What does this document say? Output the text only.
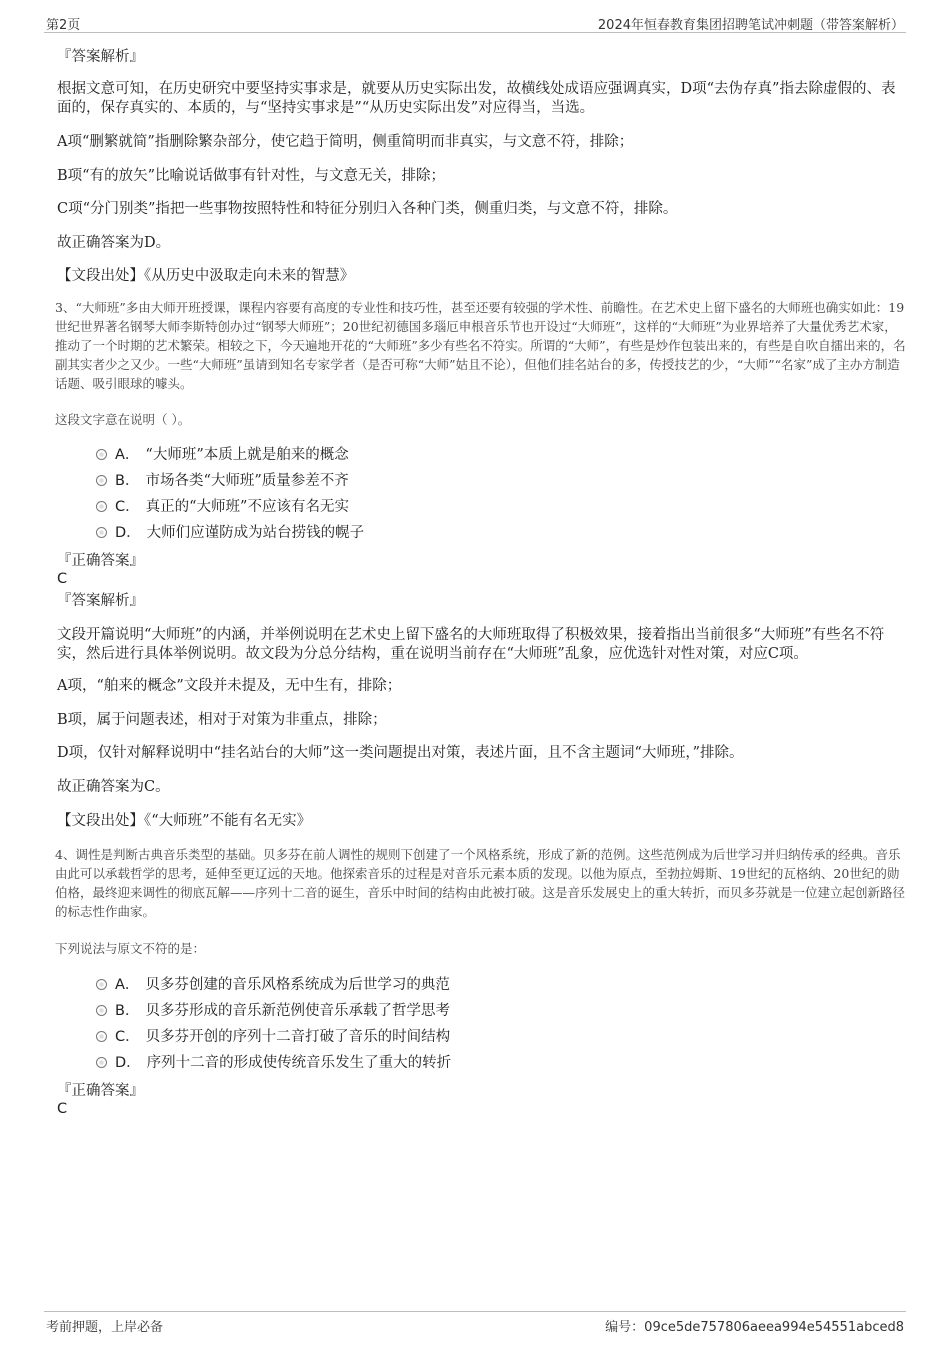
第2页	2024年恒春教育集团招聘笔试冲刺题（带答案解析）
『答案解析』
根据文意可知，在历史研究中要坚持实事求是，就要从历史实际出发，故横线处成语应强调真实，D项“去伪存真”指去除虚假的、表面的，保存真实的、本质的，与“坚持实事求是”“从历史实际出发”对应得当，当选。
A项“删繁就简”指删除繁杂部分，使它趋于简明，侧重简明而非真实，与文意不符，排除；
B项“有的放矢”比喻说话做事有针对性，与文意无关，排除；
C项“分门别类”指把一些事物按照特性和特征分别归入各种门类，侧重归类，与文意不符，排除。
故正确答案为D。
【文段出处】《从历史中汲取走向未来的智慧》
3、“大师班”多由大师开班授课，课程内容要有高度的专业性和技巧性，甚至还要有较强的学术性、前瞻性。在艺术史上留下盛名的大师班也确实如此：19世纪世界著名钢琴大师李斯特创办过“钢琴大师班”；20世纪初德国多瑙厄申根音乐节也开设过“大师班”，这样的“大师班”为业界培养了大量优秀艺术家，推动了一个时期的艺术繁荣。相较之下，今天遍地开花的“大师班”多少有些名不符实。所谓的“大师”，有些是炒作包装出来的，有些是自吹自擂出来的，名副其实者少之又少。一些“大师班”虽请到知名专家学者（是否可称“大师”姑且不论），但他们挂名站台的多，传授技艺的少，“大师”“名家”成了主办方制造话题、吸引眼球的噱头。
这段文字意在说明（ ）。
A． “大师班”本质上就是舶来的概念
B． 市场各类“大师班”质量参差不齐
C． 真正的“大师班”不应该有名无实
D． 大师们应谨防成为站台捞钱的幌子
『正确答案』
C
『答案解析』
文段开篇说明“大师班”的内涵，并举例说明在艺术史上留下盛名的大师班取得了积极效果，接着指出当前很多“大师班”有些名不符实，然后进行具体举例说明。故文段为分总分结构，重在说明当前存在“大师班”乱象，应优选针对性对策，对应C项。
A项，“舶来的概念”文段并未提及，无中生有，排除；
B项，属于问题表述，相对于对策为非重点，排除；
D项，仅针对解释说明中“挂名站台的大师”这一类问题提出对策，表述片面，且不含主题词“大师班，”排除。
故正确答案为C。
【文段出处】《“大师班”不能有名无实》
4、调性是判断古典音乐类型的基础。贝多芬在前人调性的规则下创建了一个风格系统，形成了新的范例。这些范例成为后世学习并归纳传承的经典。音乐由此可以承载哲学的思考，延伸至更辽远的天地。他探索音乐的过程是对音乐元素本质的发现。以他为原点，至勃拉姆斯、19世纪的瓦格纳、20世纪的勋伯格，最终迎来调性的彻底瓦解——序列十二音的诞生，音乐中时间的结构由此被打破。这是音乐发展史上的重大转折，而贝多芬就是一位建立起创新路径的标志性作曲家。
下列说法与原文不符的是：
A． 贝多芬创建的音乐风格系统成为后世学习的典范
B． 贝多芬形成的音乐新范例使音乐承载了哲学思考
C． 贝多芬开创的序列十二音打破了音乐的时间结构
D． 序列十二音的形成使传统音乐发生了重大的转折
『正确答案』
C
考前押题，上岸必备	编号：09ce5de757806aeea994e54551abced8
